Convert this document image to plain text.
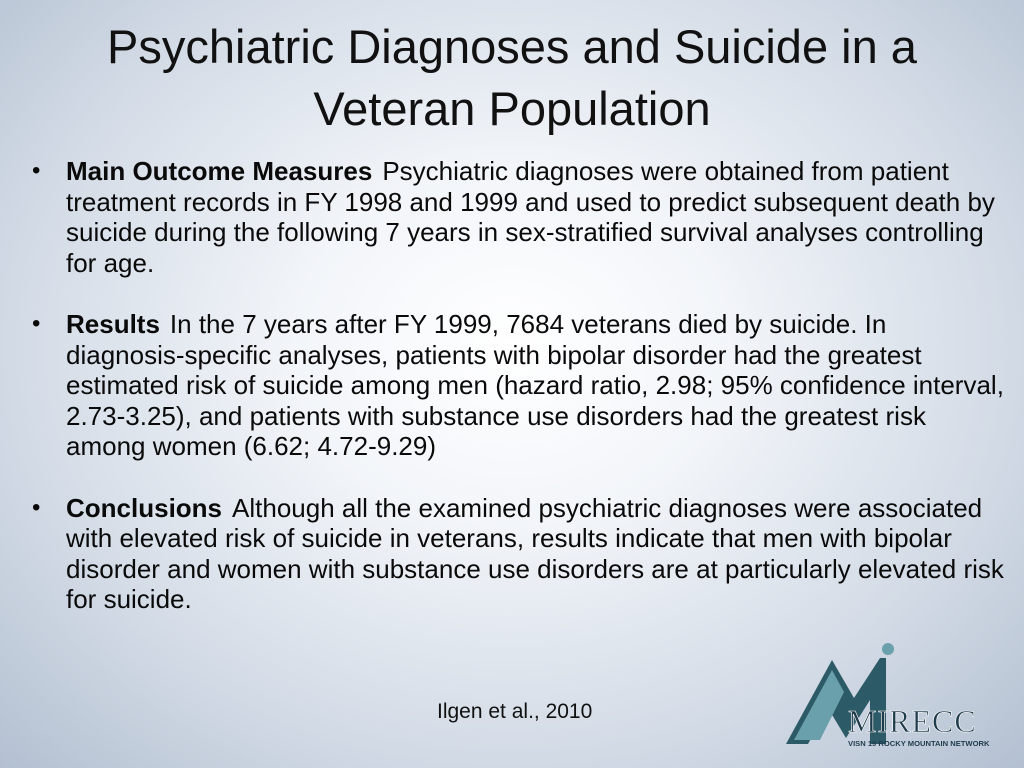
Psychiatric Diagnoses and Suicide in a Veteran Population
• Main Outcome Measures Psychiatric diagnoses were obtained from patient treatment records in FY 1998 and 1999 and used to predict subsequent death by suicide during the following 7 years in sex-stratified survival analyses controlling for age.
• Results In the 7 years after FY 1999, 7684 veterans died by suicide. In diagnosis-specific analyses, patients with bipolar disorder had the greatest estimated risk of suicide among men (hazard ratio, 2.98; 95% confidence interval, 2.73-3.25), and patients with substance use disorders had the greatest risk among women (6.62; 4.72-9.29)
• Conclusions Although all the examined psychiatric diagnoses were associated with elevated risk of suicide in veterans, results indicate that men with bipolar disorder and women with substance use disorders are at particularly elevated risk for suicide.
Ilgen et al., 2010	MIRECC
VISN 19 ROCKY MOUNTAIN NETWORK
